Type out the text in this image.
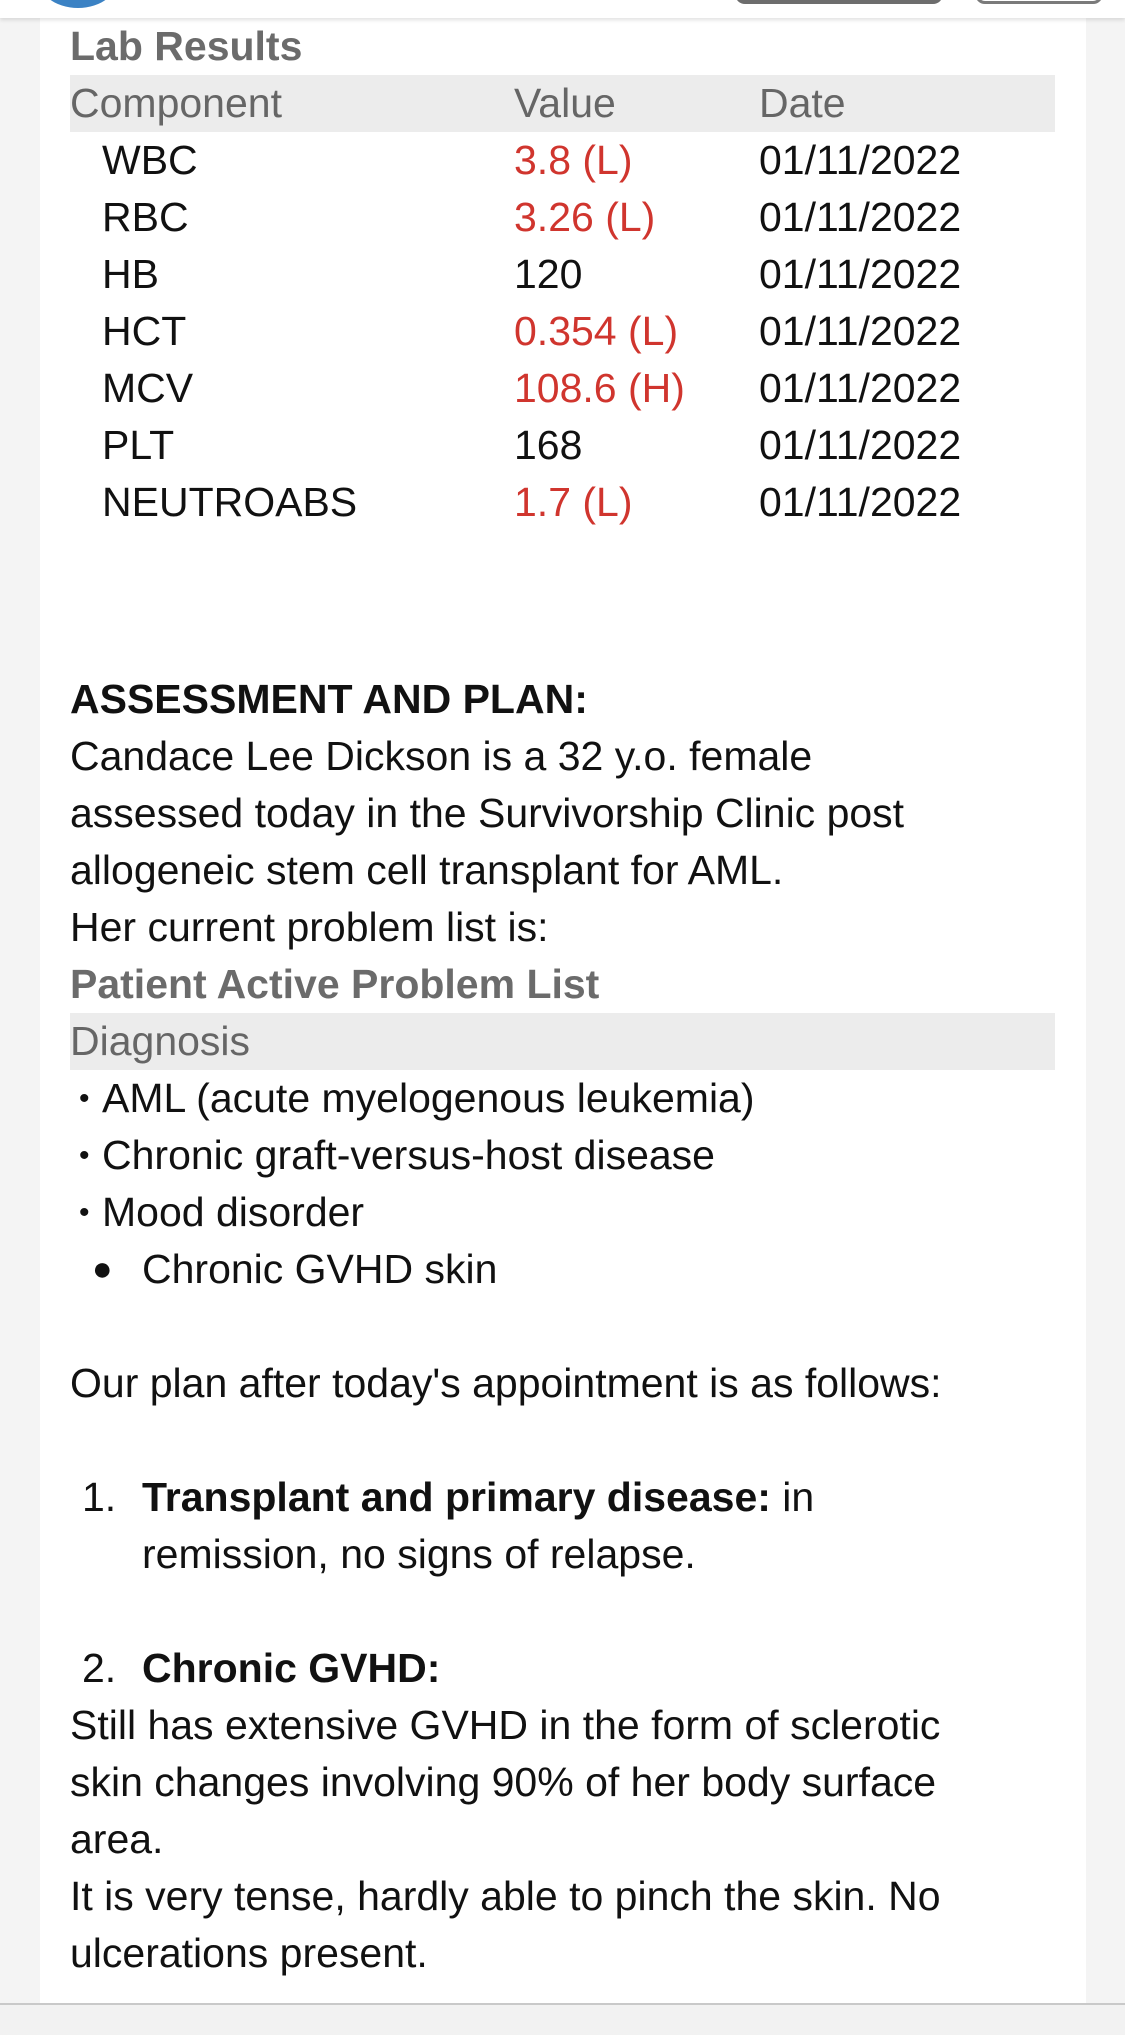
Lab Results
Component	Value	Date
WBC	3.8 (L)	01/11/2022
RBC	3.26 (L)	01/11/2022
HB	120	01/11/2022
HCT	0.354 (L) 01/11/2022
MCV	108.6 (H) 01/11/2022
PLT	168	01/11/2022
NEUTROABS	1.7 (L)	01/11/2022
ASSESSMENT AND PLAN:
Candace Lee Dickson is a 32 y.o. female
assessed today in the Survivorship Clinic post
allogeneic stem cell transplant for AML.
Her current problem list is:
Patient Active Problem List
Diagnosis
• AML (acute myelogenous leukemia)
• Chronic graft-versus-host disease
• Mood disorder
● Chronic GVHD skin
Our plan after today's appointment is as follows:
1. Transplant and primary disease: in
remission, no signs of relapse.
2. Chronic GVHD:
Still has extensive GVHD in the form of sclerotic
skin changes involving 90% of her body surface
area.
It is very tense, hardly able to pinch the skin. No
ulcerations present.
